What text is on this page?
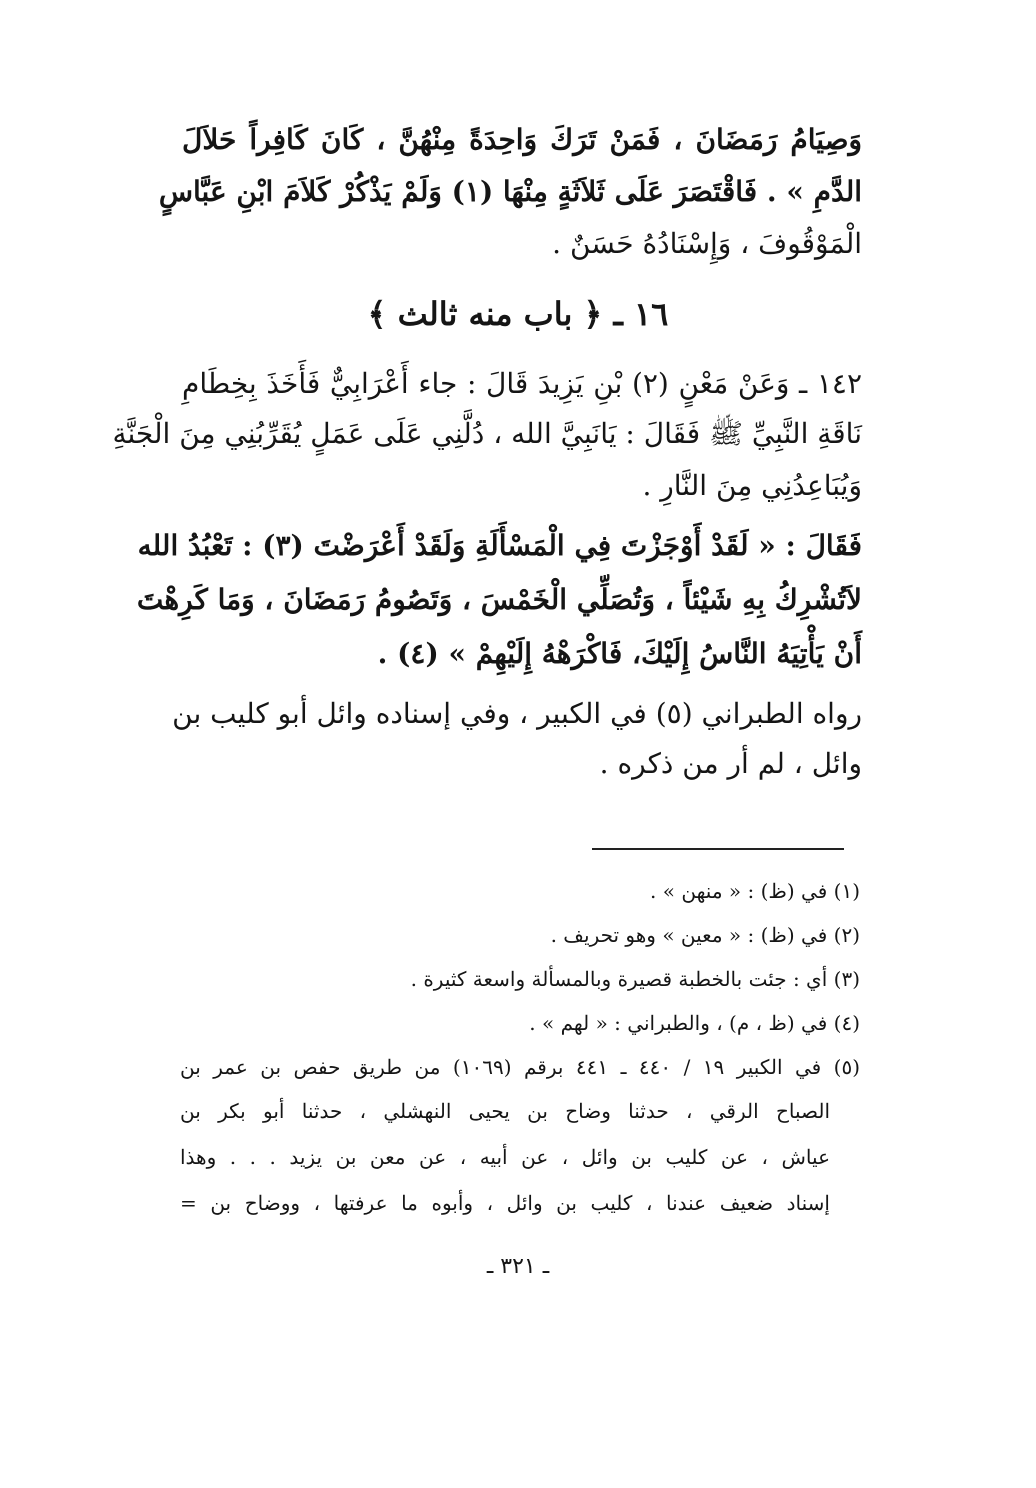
وَصِيَامُ رَمَضَانَ ، فَمَنْ تَرَكَ وَاحِدَةً مِنْهُنَّ ، كَانَ كَافِراً حَلاَلَ
الدَّمِ » . فَاقْتَصَرَ عَلَى ثَلاَثَةٍ مِنْهَا (١) وَلَمْ يَذْكُرْ كَلاَمَ ابْنِ عَبَّاسٍ
الْمَوْقُوفَ ، وَإِسْنَادُهُ حَسَنٌ .
١٦ ـ ﴿ باب منه ثالث ﴾
١٤٢ ـ وَعَنْ مَعْنٍ (٢) بْنِ يَزِيدَ قَالَ : جاء أَعْرَابِيٌّ فَأَخَذَ بِخِطَامِ
نَاقَةِ النَّبِيِّ ﷺ فَقَالَ : يَانَبِيَّ الله ، دُلَّنِي عَلَى عَمَلٍ يُقَرِّبُنِي مِنَ الْجَنَّةِ
وَيُبَاعِدُنِي مِنَ النَّارِ .
فَقَالَ : « لَقَدْ أَوْجَزْتَ فِي الْمَسْأَلَةِ وَلَقَدْ أَعْرَضْتَ (٣) : تَعْبُدُ الله
لاَتُشْرِكُ بِهِ شَيْئاً ، وَتُصَلِّي الْخَمْسَ ، وَتَصُومُ رَمَضَانَ ، وَمَا كَرِهْتَ
أَنْ يَأْتِيَهُ النَّاسُ إِلَيْكَ، فَاكْرَهْهُ إِلَيْهِمْ » (٤) .
رواه الطبراني (٥) في الكبير ، وفي إسناده وائل أبو كليب بن
وائل ، لم أر من ذكره .
(١) في (ظ) : « منهن » .
(٢) في (ظ) : « معين » وهو تحريف .
(٣) أي : جئت بالخطبة قصيرة وبالمسألة واسعة كثيرة .
(٤) في (ظ ، م) ، والطبراني : « لهم » .
(٥) في الكبير ١٩ / ٤٤٠ ـ ٤٤١ برقم (١٠٦٩) من طريق حفص بن عمر بن
الصباح الرقي ، حدثنا وضاح بن يحيى النهشلي ، حدثنا أبو بكر بن
عياش ، عن كليب بن وائل ، عن أبيه ، عن معن بن يزيد . . . وهذا
إسناد ضعيف عندنا ، كليب بن وائل ، وأبوه ما عرفتها ، ووضاح بن =
ـ ٣٢١ ـ
